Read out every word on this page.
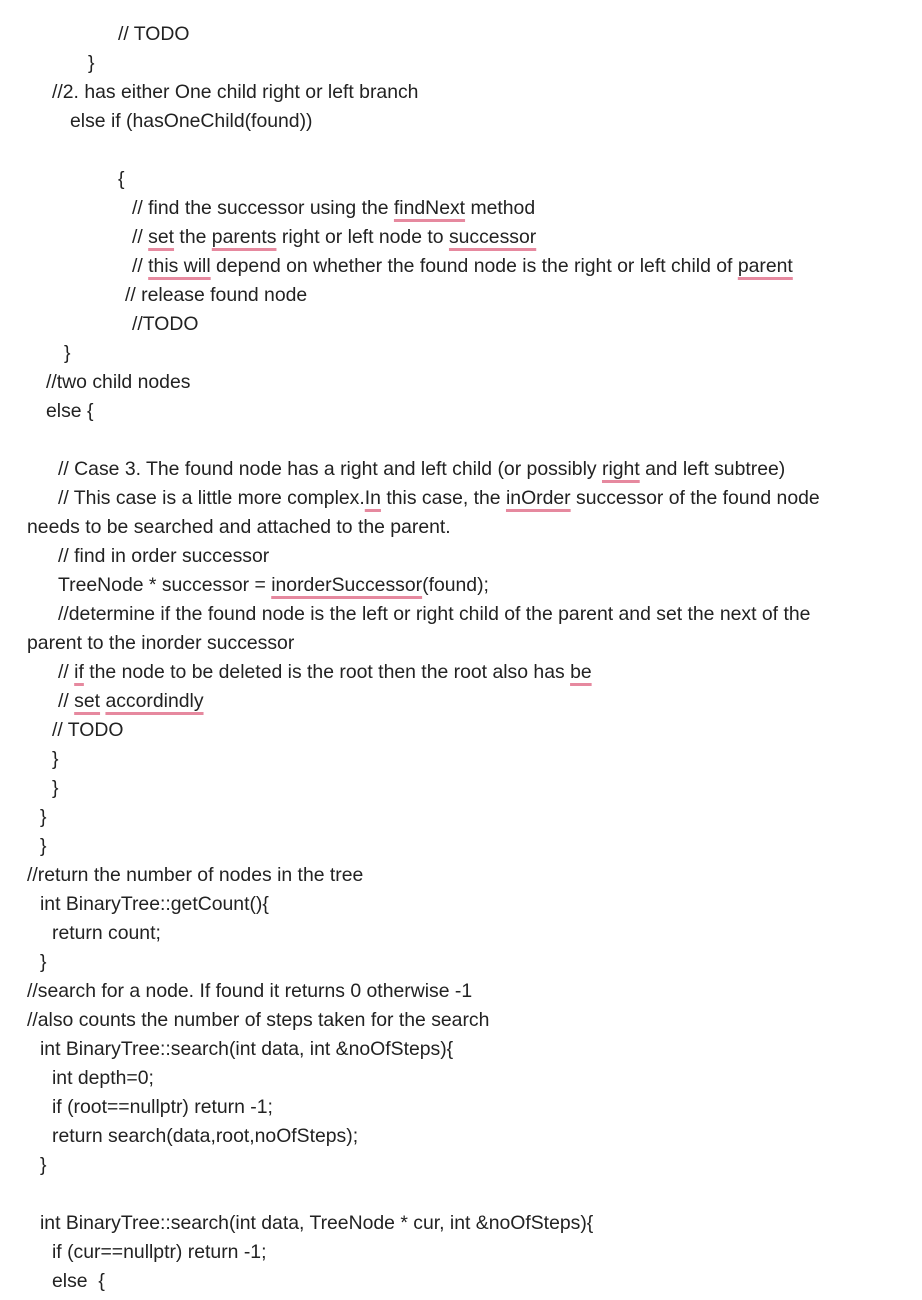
// TODO
}
//2. has either One child right or left branch
else if (hasOneChild(found))
{
// find the successor using the findNext method
// set the parents right or left node to successor
// this will depend on whether the found node is the right or left child of parent
// release found node
//TODO
}
//two child nodes
else {
// Case 3. The found node has a right and left child (or possibly right and left subtree)
// This case is a little more complex.In this case, the inOrder successor of the found node
needs to be searched and attached to the parent.
// find in order successor
TreeNode * successor = inorderSuccessor(found);
//determine if the found node is the left or right child of the parent and set the next of the
parent to the inorder successor
// if the node to be deleted is the root then the root also has be
// set accordindly
// TODO
}
}
}
}
//return the number of nodes in the tree
int BinaryTree::getCount(){
return count;
}
//search for a node. If found it returns 0 otherwise -1
//also counts the number of steps taken for the search
int BinaryTree::search(int data, int &noOfSteps){
int depth=0;
if (root==nullptr) return -1;
return search(data,root,noOfSteps);
}
int BinaryTree::search(int data, TreeNode * cur, int &noOfSteps){
if (cur==nullptr) return -1;
else  {
